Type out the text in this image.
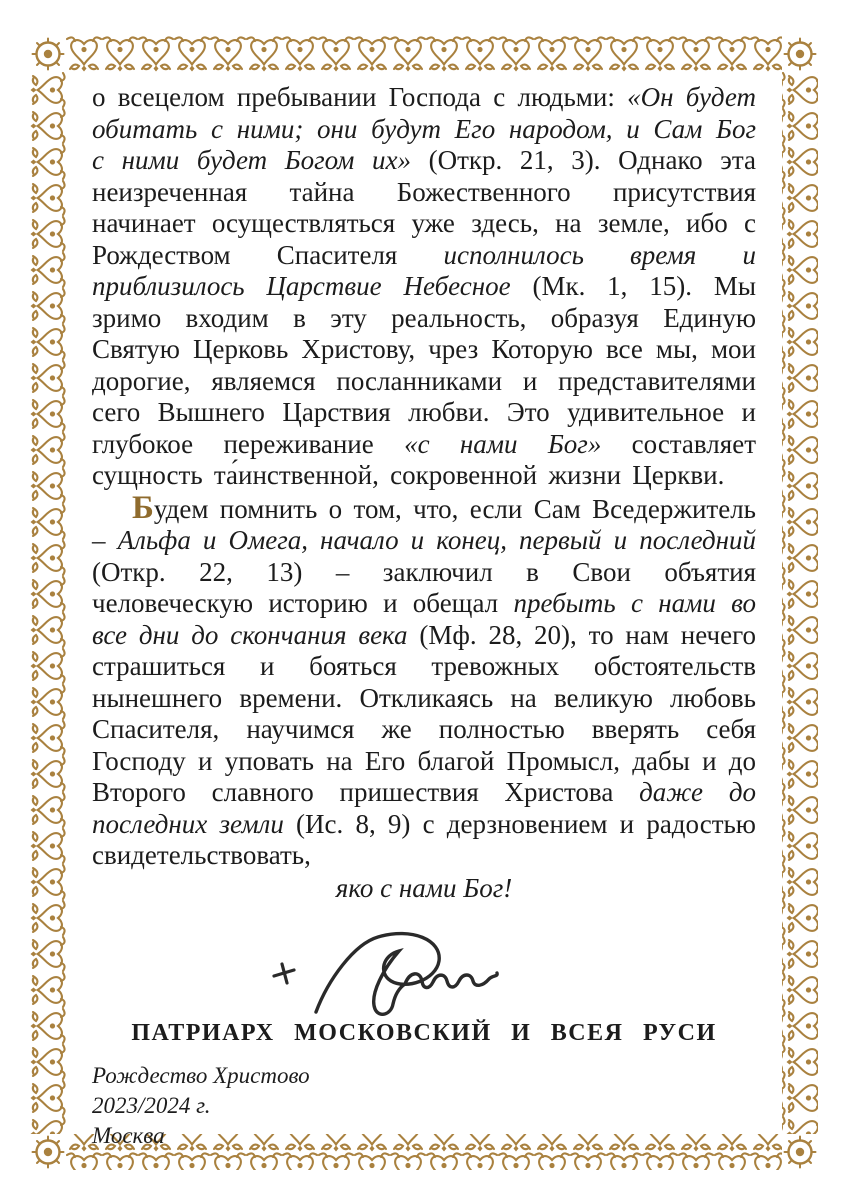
о всецелом пребывании Господа с людьми: «Он будет обитать с ними; они будут Его народом, и Сам Бог с ними будет Богом их» (Откр. 21, 3). Однако эта неизреченная тайна Божественного присутствия начинает осуществляться уже здесь, на земле, ибо с Рождеством Спасителя исполнилось время и приблизилось Царствие Небесное (Мк. 1, 15). Мы зримо входим в эту реальность, образуя Единую Святую Церковь Христову, чрез Которую все мы, мои дорогие, являемся посланниками и представителями сего Вышнего Царствия любви. Это удивительное и глубокое переживание «с нами Бог» составляет сущность та́инственной, сокровенной жизни Церкви.

Будем помнить о том, что, если Сам Вседержитель – Альфа и Омега, начало и конец, первый и последний (Откр. 22, 13) – заключил в Свои объятия человеческую историю и обещал пребыть с нами во все дни до скончания века (Мф. 28, 20), то нам нечего страшиться и бояться тревожных обстоятельств нынешнего времени. Откликаясь на великую любовь Спасителя, научимся же полностью вверять себя Господу и уповать на Его благой Промысл, дабы и до Второго славного пришествия Христова даже до последних земли (Ис. 8, 9) с дерзновением и радостью свидетельствовать,

яко с нами Бог!

ПАТРИАРХ МОСКОВСКИЙ И ВСЕЯ РУСИ
Рождество Христово
2023/2024 г.
Москва
